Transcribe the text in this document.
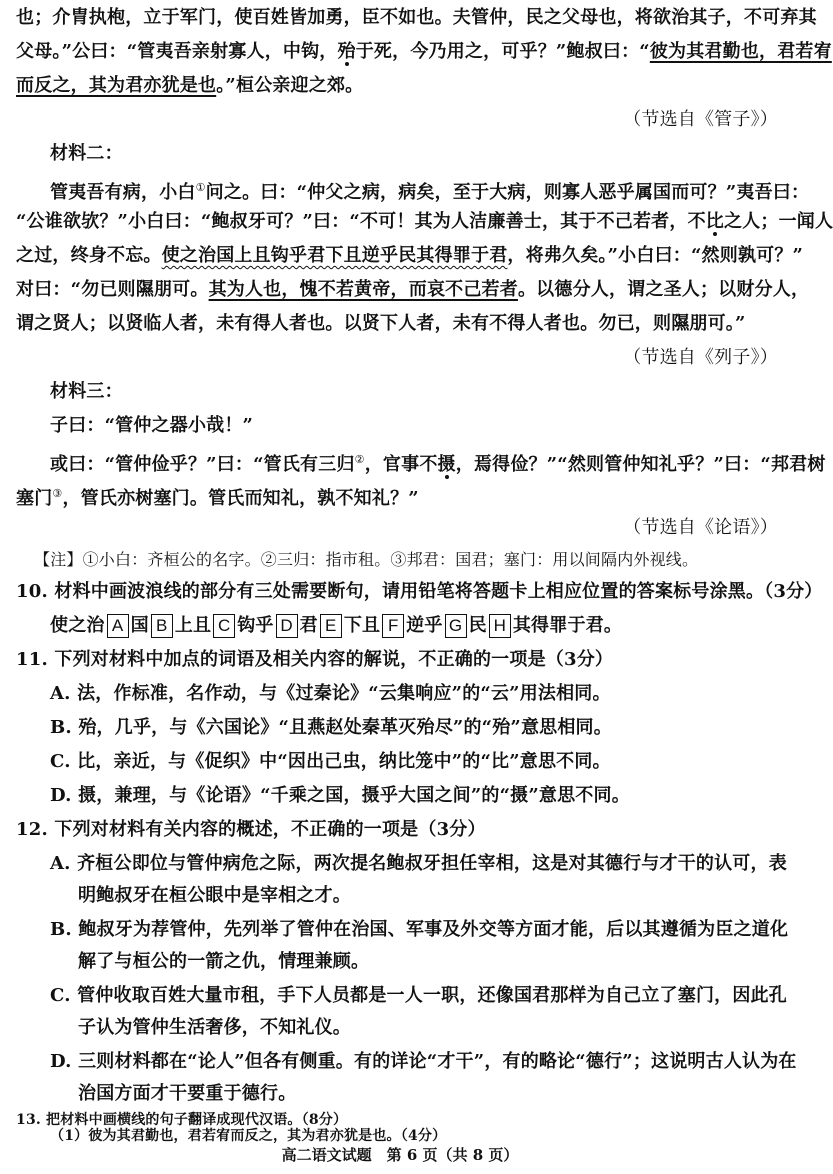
也；介胄执枹，立于军门，使百姓皆加勇，臣不如也。夫管仲，民之父母也，将欲治其子，不可弃其
父母。”公曰：“管夷吾亲射寡人，中钩，殆于死，今乃用之，可乎？”鲍叔曰：“彼为其君勤也，君若宥
而反之，其为君亦犹是也。”桓公亲迎之郊。
（节选自《管子》）
材料二：
管夷吾有病，小白①问之。曰：“仲父之病，病矣，至于大病，则寡人恶乎属国而可？”夷吾曰：
“公谁欲欤？”小白曰：“鲍叔牙可？”曰：“不可！其为人洁廉善士，其于不己若者，不比之人；一闻人
之过，终身不忘。使之治国上且钩乎君下且逆乎民其得罪于君，将弗久矣。”小白曰：“然则孰可？”
对曰：“勿已则隰朋可。其为人也，愧不若黄帝，而哀不己若者。以德分人，谓之圣人；以财分人，
谓之贤人；以贤临人者，未有得人者也。以贤下人者，未有不得人者也。勿已，则隰朋可。”
（节选自《列子》）
材料三：
子曰：“管仲之器小哉！”
或曰：“管仲俭乎？”曰：“管氏有三归②，官事不摄，焉得俭？”“然则管仲知礼乎？”曰：“邦君树
塞门③，管氏亦树塞门。管氏而知礼，孰不知礼？”
（节选自《论语》）
【注】①小白：齐桓公的名字。②三归：指市租。③邦君：国君；塞门：用以间隔内外视线。
10. 材料中画波浪线的部分有三处需要断句，请用铅笔将答题卡上相应位置的答案标号涂黑。（3分）
使之治 A 国 B 上且 C 钩乎 D 君 E 下且 F 逆乎 G 民 H 其得罪于君。
11. 下列对材料中加点的词语及相关内容的解说，不正确的一项是（3分）
A. 法，作标准，名作动，与《过秦论》“云集响应”的“云”用法相同。
B. 殆，几乎，与《六国论》“且燕赵处秦革灭殆尽”的“殆”意思相同。
C. 比，亲近，与《促织》中“因出己虫，纳比笼中”的“比”意思不同。
D. 摄，兼理，与《论语》“千乘之国，摄乎大国之间”的“摄”意思不同。
12. 下列对材料有关内容的概述，不正确的一项是（3分）
A. 齐桓公即位与管仲病危之际，两次提名鲍叔牙担任宰相，这是对其德行与才干的认可，表
明鲍叔牙在桓公眼中是宰相之才。
B. 鲍叔牙为荐管仲，先列举了管仲在治国、军事及外交等方面才能，后以其遵循为臣之道化
解了与桓公的一箭之仇，情理兼顾。
C. 管仲收取百姓大量市租，手下人员都是一人一职，还像国君那样为自己立了塞门，因此孔
子认为管仲生活奢侈，不知礼仪。
D. 三则材料都在“论人”但各有侧重。有的详论“才干”，有的略论“德行”；这说明古人认为在
治国方面才干要重于德行。
13. 把材料中画横线的句子翻译成现代汉语。（8分）
（1）彼为其君勤也，君若宥而反之，其为君亦犹是也。（4分）
高二语文试题　第 6 页（共 8 页）
